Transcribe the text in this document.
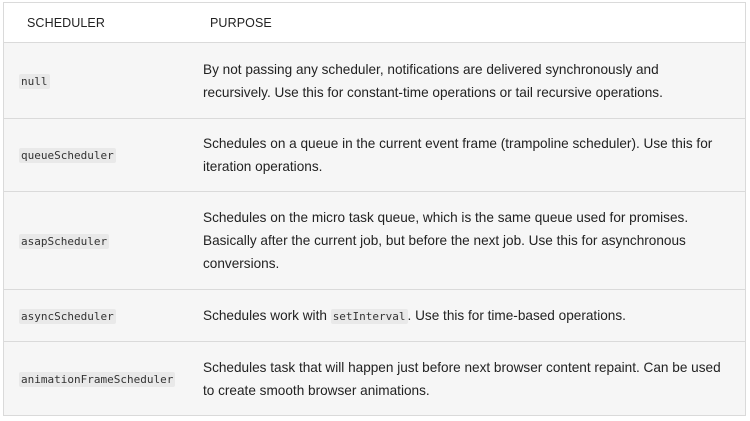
SCHEDULER	PURPOSE
null
By not passing any scheduler, notifications are delivered synchronously and recursively. Use this for constant-time operations or tail recursive operations.
queueScheduler
Schedules on a queue in the current event frame (trampoline scheduler). Use this for iteration operations.
asapScheduler
Schedules on the micro task queue, which is the same queue used for promises. Basically after the current job, but before the next job. Use this for asynchronous conversions.
asyncScheduler	Schedules work with setInterval . Use this for time-based operations.
animationFrameScheduler
Schedules task that will happen just before next browser content repaint. Can be used to create smooth browser animations.
